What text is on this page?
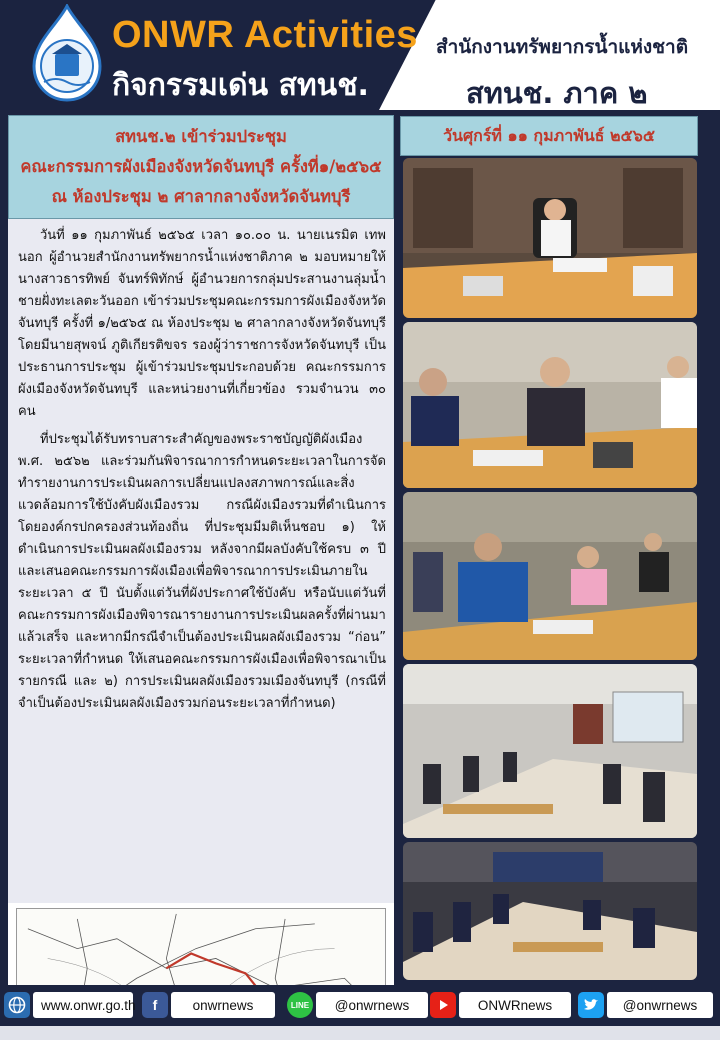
ONWR Activities
กิจกรรมเด่น สทนช.
สำนักงานทรัพยากรน้ำแห่งชาติ
สทนช. ภาค ๒
สทนช.๒ เข้าร่วมประชุม
คณะกรรมการผังเมืองจังหวัดจันทบุรี ครั้งที่๑/๒๕๖๕
ณ ห้องประชุม ๒ ศาลากลางจังหวัดจันทบุรี

วันที่ ๑๑ กุมภาพันธ์ ๒๕๖๕ เวลา ๑๐.๐๐ น. นายเนรมิต เทพนอก ผู้อำนวยสำนักงานทรัพยากรน้ำแห่งชาติภาค ๒ มอบหมายให้ นางสาวธารทิพย์ จันทร์พิทักษ์ ผู้อำนวยการกลุ่มประสานงานลุ่มน้ำชายฝั่งทะเลตะวันออก เข้าร่วมประชุมคณะกรรมการผังเมืองจังหวัดจันทบุรี ครั้งที่ ๑/๒๕๖๕ ณ ห้องประชุม ๒ ศาลากลางจังหวัดจันทบุรี โดยมีนายสุพจน์ ภูติเกียรติขจร รองผู้ว่าราชการจังหวัดจันทบุรี เป็นประธานการประชุม ผู้เข้าร่วมประชุมประกอบด้วย คณะกรรมการผังเมืองจังหวัดจันทบุรี และหน่วยงานที่เกี่ยวข้อง รวมจำนวน ๓๐ คน

ที่ประชุมได้รับทราบสาระสำคัญของพระราชบัญญัติผังเมือง พ.ศ. ๒๕๖๒ และร่วมกันพิจารณาการกำหนดระยะเวลาในการจัดทำรายงานการประเมินผลการเปลี่ยนแปลงสภาพการณ์และสิ่งแวดล้อมการใช้บังคับผังเมืองรวม กรณีผังเมืองรวมที่ดำเนินการโดยองค์กรปกครองส่วนท้องถิ่น ที่ประชุมมีมติเห็นชอบ ๑) ให้ดำเนินการประเมินผลผังเมืองรวม หลังจากมีผลบังคับใช้ครบ ๓ ปี และเสนอคณะกรรมการผังเมืองเพื่อพิจารณาการประเมินภายในระยะเวลา ๕ ปี นับตั้งแต่วันที่ผังประกาศใช้บังคับ หรือนับแต่วันที่คณะกรรมการผังเมืองพิจารณารายงานการประเมินผลครั้งที่ผ่านมาแล้วเสร็จ และหากมีกรณีจำเป็นต้องประเมินผลผังเมืองรวม “ก่อน” ระยะเวลาที่กำหนด ให้เสนอคณะกรรมการผังเมืองเพื่อพิจารณาเป็นรายกรณี และ ๒) การประเมินผลผังเมืองรวมเมืองจันทบุรี (กรณีที่จำเป็นต้องประเมินผลผังเมืองรวมก่อนระยะเวลาที่กำหนด)

วันศุกร์ที่ ๑๑ กุมภาพันธ์ ๒๕๖๕
www.onwr.go.th	f	onwrnews	LINE	@onwrnews	ONWRnews	@onwrnews
